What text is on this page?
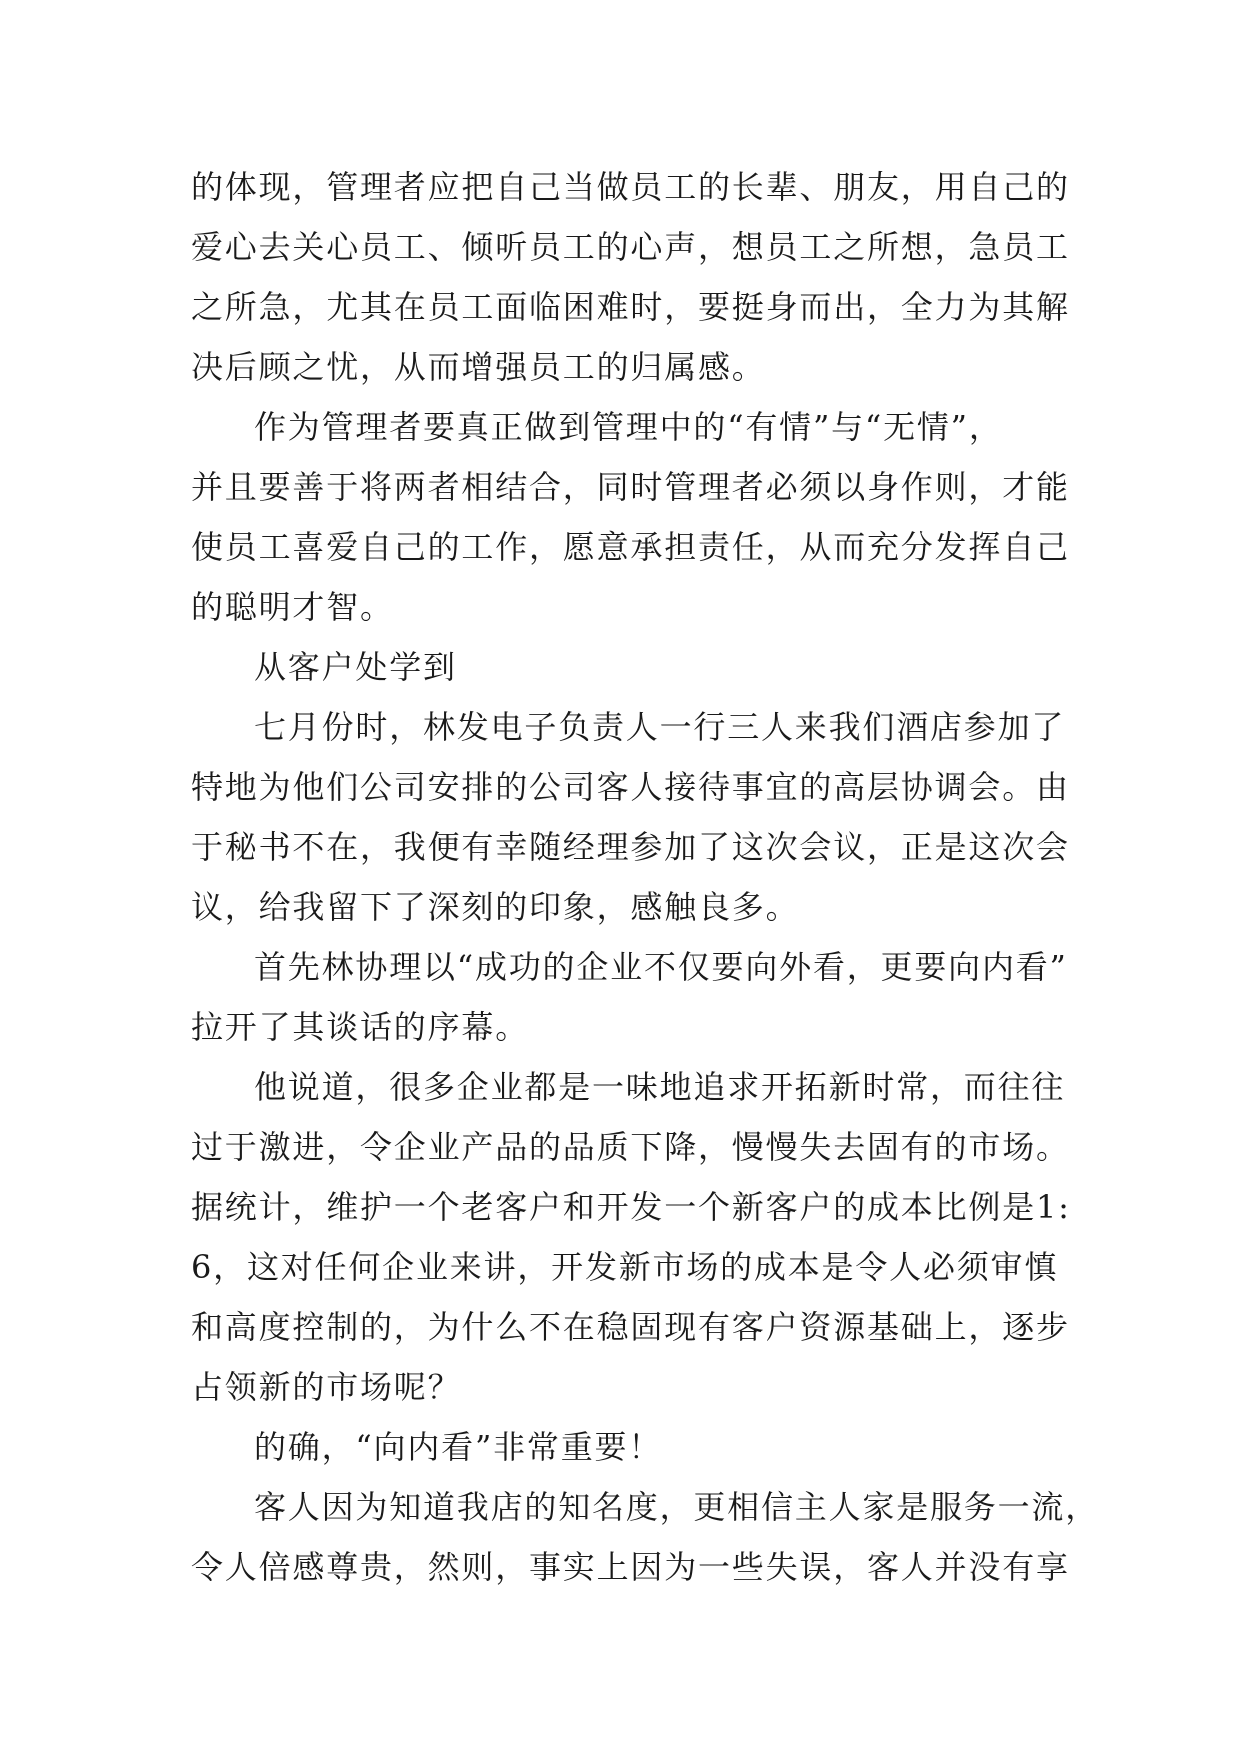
的体现，管理者应把自己当做员工的长辈、朋友，用自己的

爱心去关心员工、倾听员工的心声，想员工之所想，急员工

之所急，尤其在员工面临困难时，要挺身而出，全力为其解

决后顾之忧，从而增强员工的归属感。

作为管理者要真正做到管理中的“有情”与“无情”，

并且要善于将两者相结合，同时管理者必须以身作则，才能

使员工喜爱自己的工作，愿意承担责任，从而充分发挥自己

的聪明才智。

从客户处学到

七月份时，林发电子负责人一行三人来我们酒店参加了

特地为他们公司安排的公司客人接待事宜的高层协调会。由

于秘书不在，我便有幸随经理参加了这次会议，正是这次会

议，给我留下了深刻的印象，感触良多。

首先林协理以“成功的企业不仅要向外看，更要向内看”

拉开了其谈话的序幕。

他说道，很多企业都是一味地追求开拓新时常，而往往

过于激进，令企业产品的品质下降，慢慢失去固有的市场。

据统计，维护一个老客户和开发一个新客户的成本比例是1:

6，这对任何企业来讲，开发新市场的成本是令人必须审慎

和高度控制的，为什么不在稳固现有客户资源基础上，逐步

占领新的市场呢？

的确，“向内看”非常重要！

客人因为知道我店的知名度，更相信主人家是服务一流，

令人倍感尊贵，然则，事实上因为一些失误，客人并没有享
